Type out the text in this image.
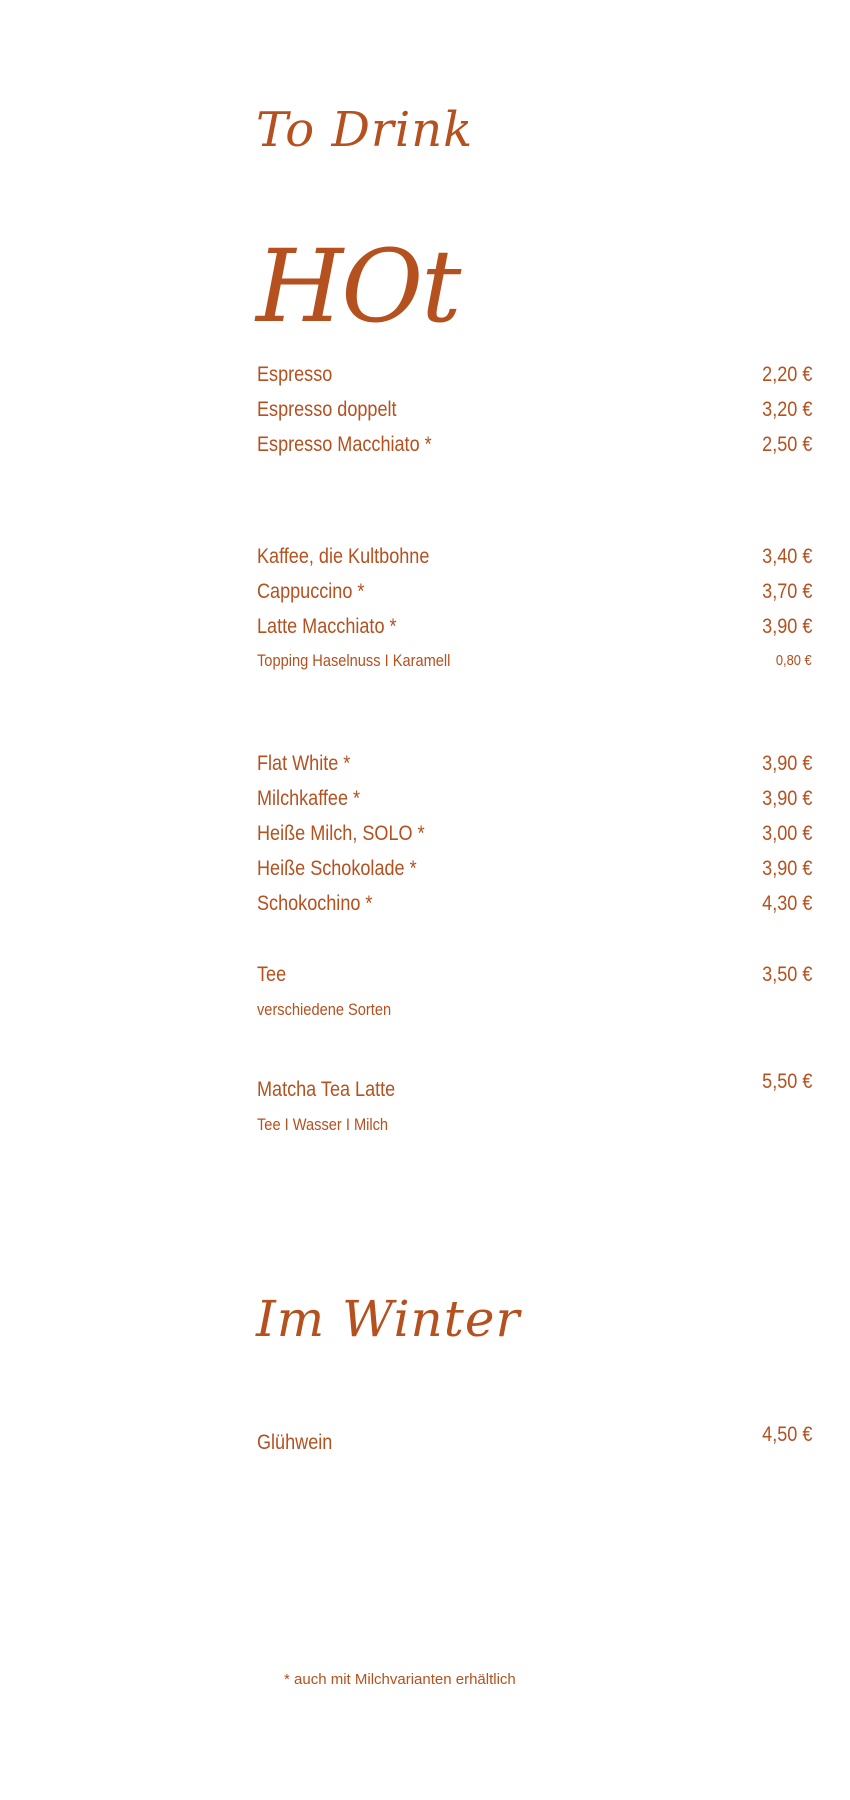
To Drink
HOt
Espresso	2,20 €
Espresso doppelt	3,20 €
Espresso Macchiato *	2,50 €
Kaffee, die Kultbohne	3,40 €
Cappuccino *	3,70 €
Latte Macchiato *	3,90 €
Topping Haselnuss I Karamell	0,80 €
Flat White *	3,90 €
Milchkaffee *	3,90 €
Heiße Milch, SOLO *	3,00 €
Heiße Schokolade *	3,90 €
Schokochino *	4,30 €
Tee	3,50 €
verschiedene Sorten
Matcha Tea Latte	5,50 €
Tee I Wasser I Milch
Im Winter
Glühwein	4,50 €
* auch mit Milchvarianten erhältlich
